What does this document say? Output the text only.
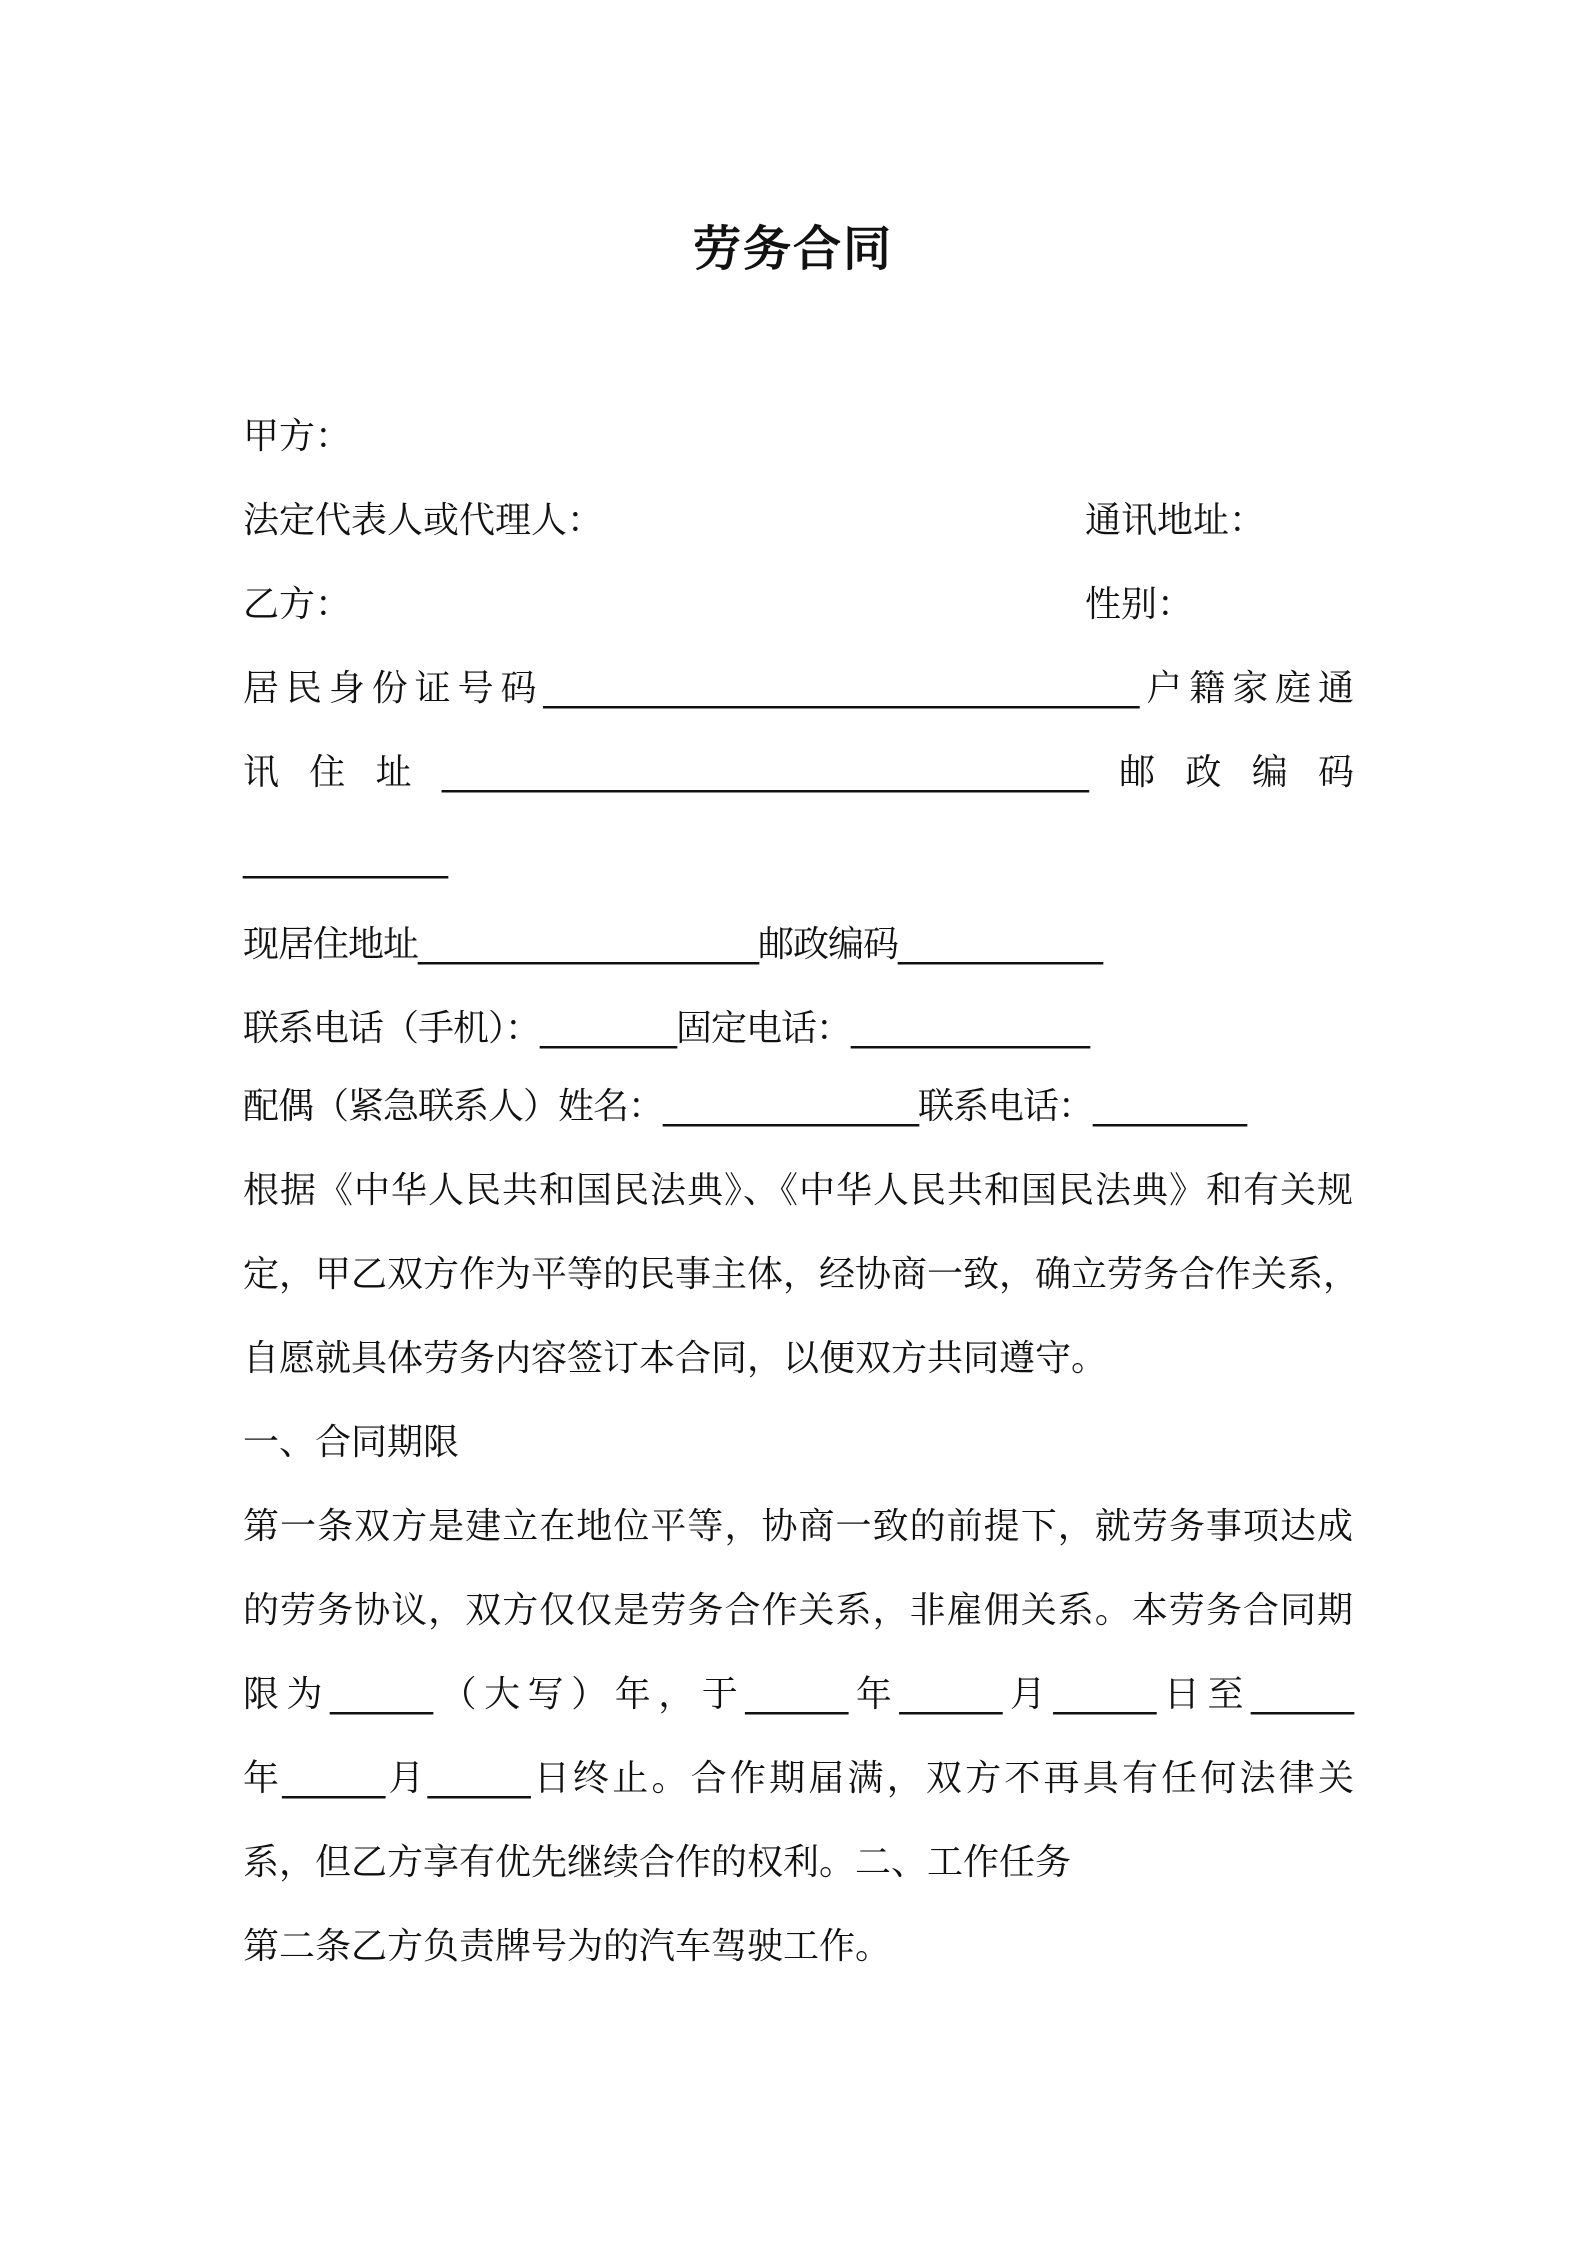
劳务合同

甲方：

法定代表人或代理人：	通讯地址：

乙方：	性别：

居民身份证号码___________________________________户籍家庭通

讯住址______________________________________邮政编码

____________

现居住地址____________________邮政编码____________

联系电话（手机）：________固定电话：______________

配偶（紧急联系人）姓名：_______________联系电话：_________

根据《中华人民共和国民法典》、《中华人民共和国民法典》和有关规

定，甲乙双方作为平等的民事主体，经协商一致，确立劳务合作关系，

自愿就具体劳务内容签订本合同，以便双方共同遵守。

一、合同期限

第一条双方是建立在地位平等，协商一致的前提下，就劳务事项达成

的劳务协议，双方仅仅是劳务合作关系，非雇佣关系。本劳务合同期

限为______（大写）年，于______年______月______日至______

年______月______日终止。合作期届满，双方不再具有任何法律关

系，但乙方享有优先继续合作的权利。二、工作任务

第二条乙方负责牌号为的汽车驾驶工作。
